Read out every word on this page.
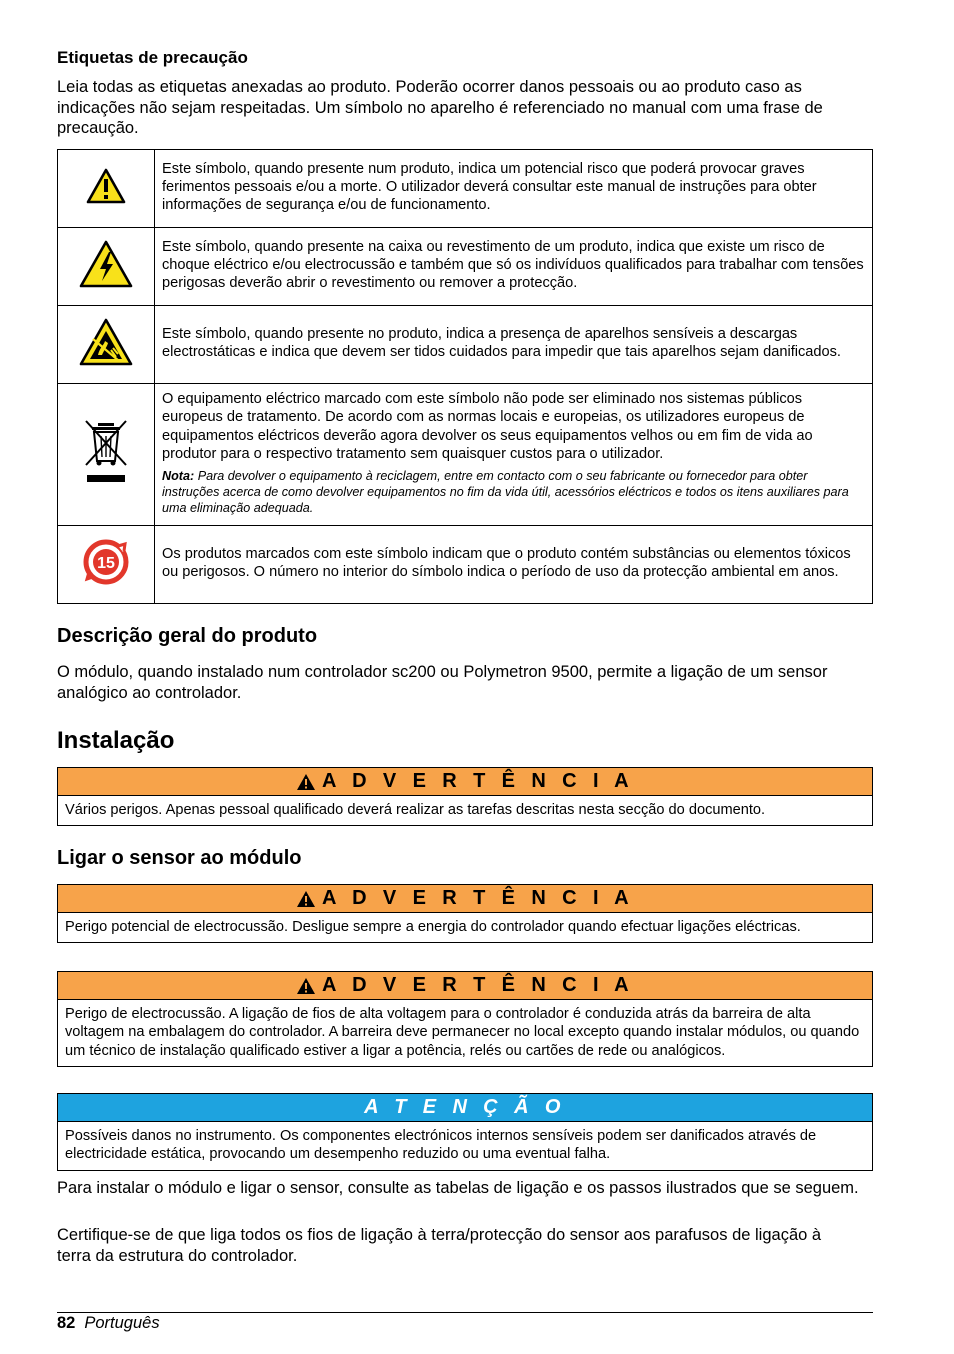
Etiquetas de precaução

Leia todas as etiquetas anexadas ao produto. Poderão ocorrer danos pessoais ou ao produto caso as indicações não sejam respeitadas. Um símbolo no aparelho é referenciado no manual com uma frase de precaução.

	Este símbolo, quando presente num produto, indica um potencial risco que poderá provocar graves ferimentos pessoais e/ou a morte. O utilizador deverá consultar este manual de instruções para obter informações de segurança e/ou de funcionamento.
	Este símbolo, quando presente na caixa ou revestimento de um produto, indica que existe um risco de choque eléctrico e/ou electrocussão e também que só os indivíduos qualificados para trabalhar com tensões perigosas deverão abrir o revestimento ou remover a protecção.
	Este símbolo, quando presente no produto, indica a presença de aparelhos sensíveis a descargas electrostáticas e indica que devem ser tidos cuidados para impedir que tais aparelhos sejam danificados.

O equipamento eléctrico marcado com este símbolo não pode ser eliminado nos sistemas públicos europeus de tratamento. De acordo com as normas locais e europeias, os utilizadores europeus de equipamentos eléctricos deverão agora devolver os seus equipamentos velhos ou em fim de vida ao produtor para o respectivo tratamento sem quaisquer custos para o utilizador.
Nota: Para devolver o equipamento à reciclagem, entre em contacto com o seu fabricante ou fornecedor para obter instruções acerca de como devolver equipamentos no fim da vida útil, acessórios eléctricos e todos os itens auxiliares para uma eliminação adequada.

15	Os produtos marcados com este símbolo indicam que o produto contém substâncias ou elementos tóxicos ou perigosos. O número no interior do símbolo indica o período de uso da protecção ambiental em anos.
Descrição geral do produto

O módulo, quando instalado num controlador sc200 ou Polymetron 9500, permite a ligação de um sensor analógico ao controlador.

Instalação
A D V E R T Ê N C I A
Vários perigos. Apenas pessoal qualificado deverá realizar as tarefas descritas nesta secção do documento.
Ligar o sensor ao módulo
A D V E R T Ê N C I A
Perigo potencial de electrocussão. Desligue sempre a energia do controlador quando efectuar ligações eléctricas.
A D V E R T Ê N C I A
Perigo de electrocussão. A ligação de fios de alta voltagem para o controlador é conduzida atrás da barreira de alta voltagem na embalagem do controlador. A barreira deve permanecer no local excepto quando instalar módulos, ou quando um técnico de instalação qualificado estiver a ligar a potência, relés ou cartões de rede ou analógicos.
A T E N Ç Ã O
Possíveis danos no instrumento. Os componentes electrónicos internos sensíveis podem ser danificados através de electricidade estática, provocando um desempenho reduzido ou uma eventual falha.

Para instalar o módulo e ligar o sensor, consulte as tabelas de ligação e os passos ilustrados que se seguem.

Certifique-se de que liga todos os fios de ligação à terra/protecção do sensor aos parafusos de ligação à terra da estrutura do controlador.

82 Português
